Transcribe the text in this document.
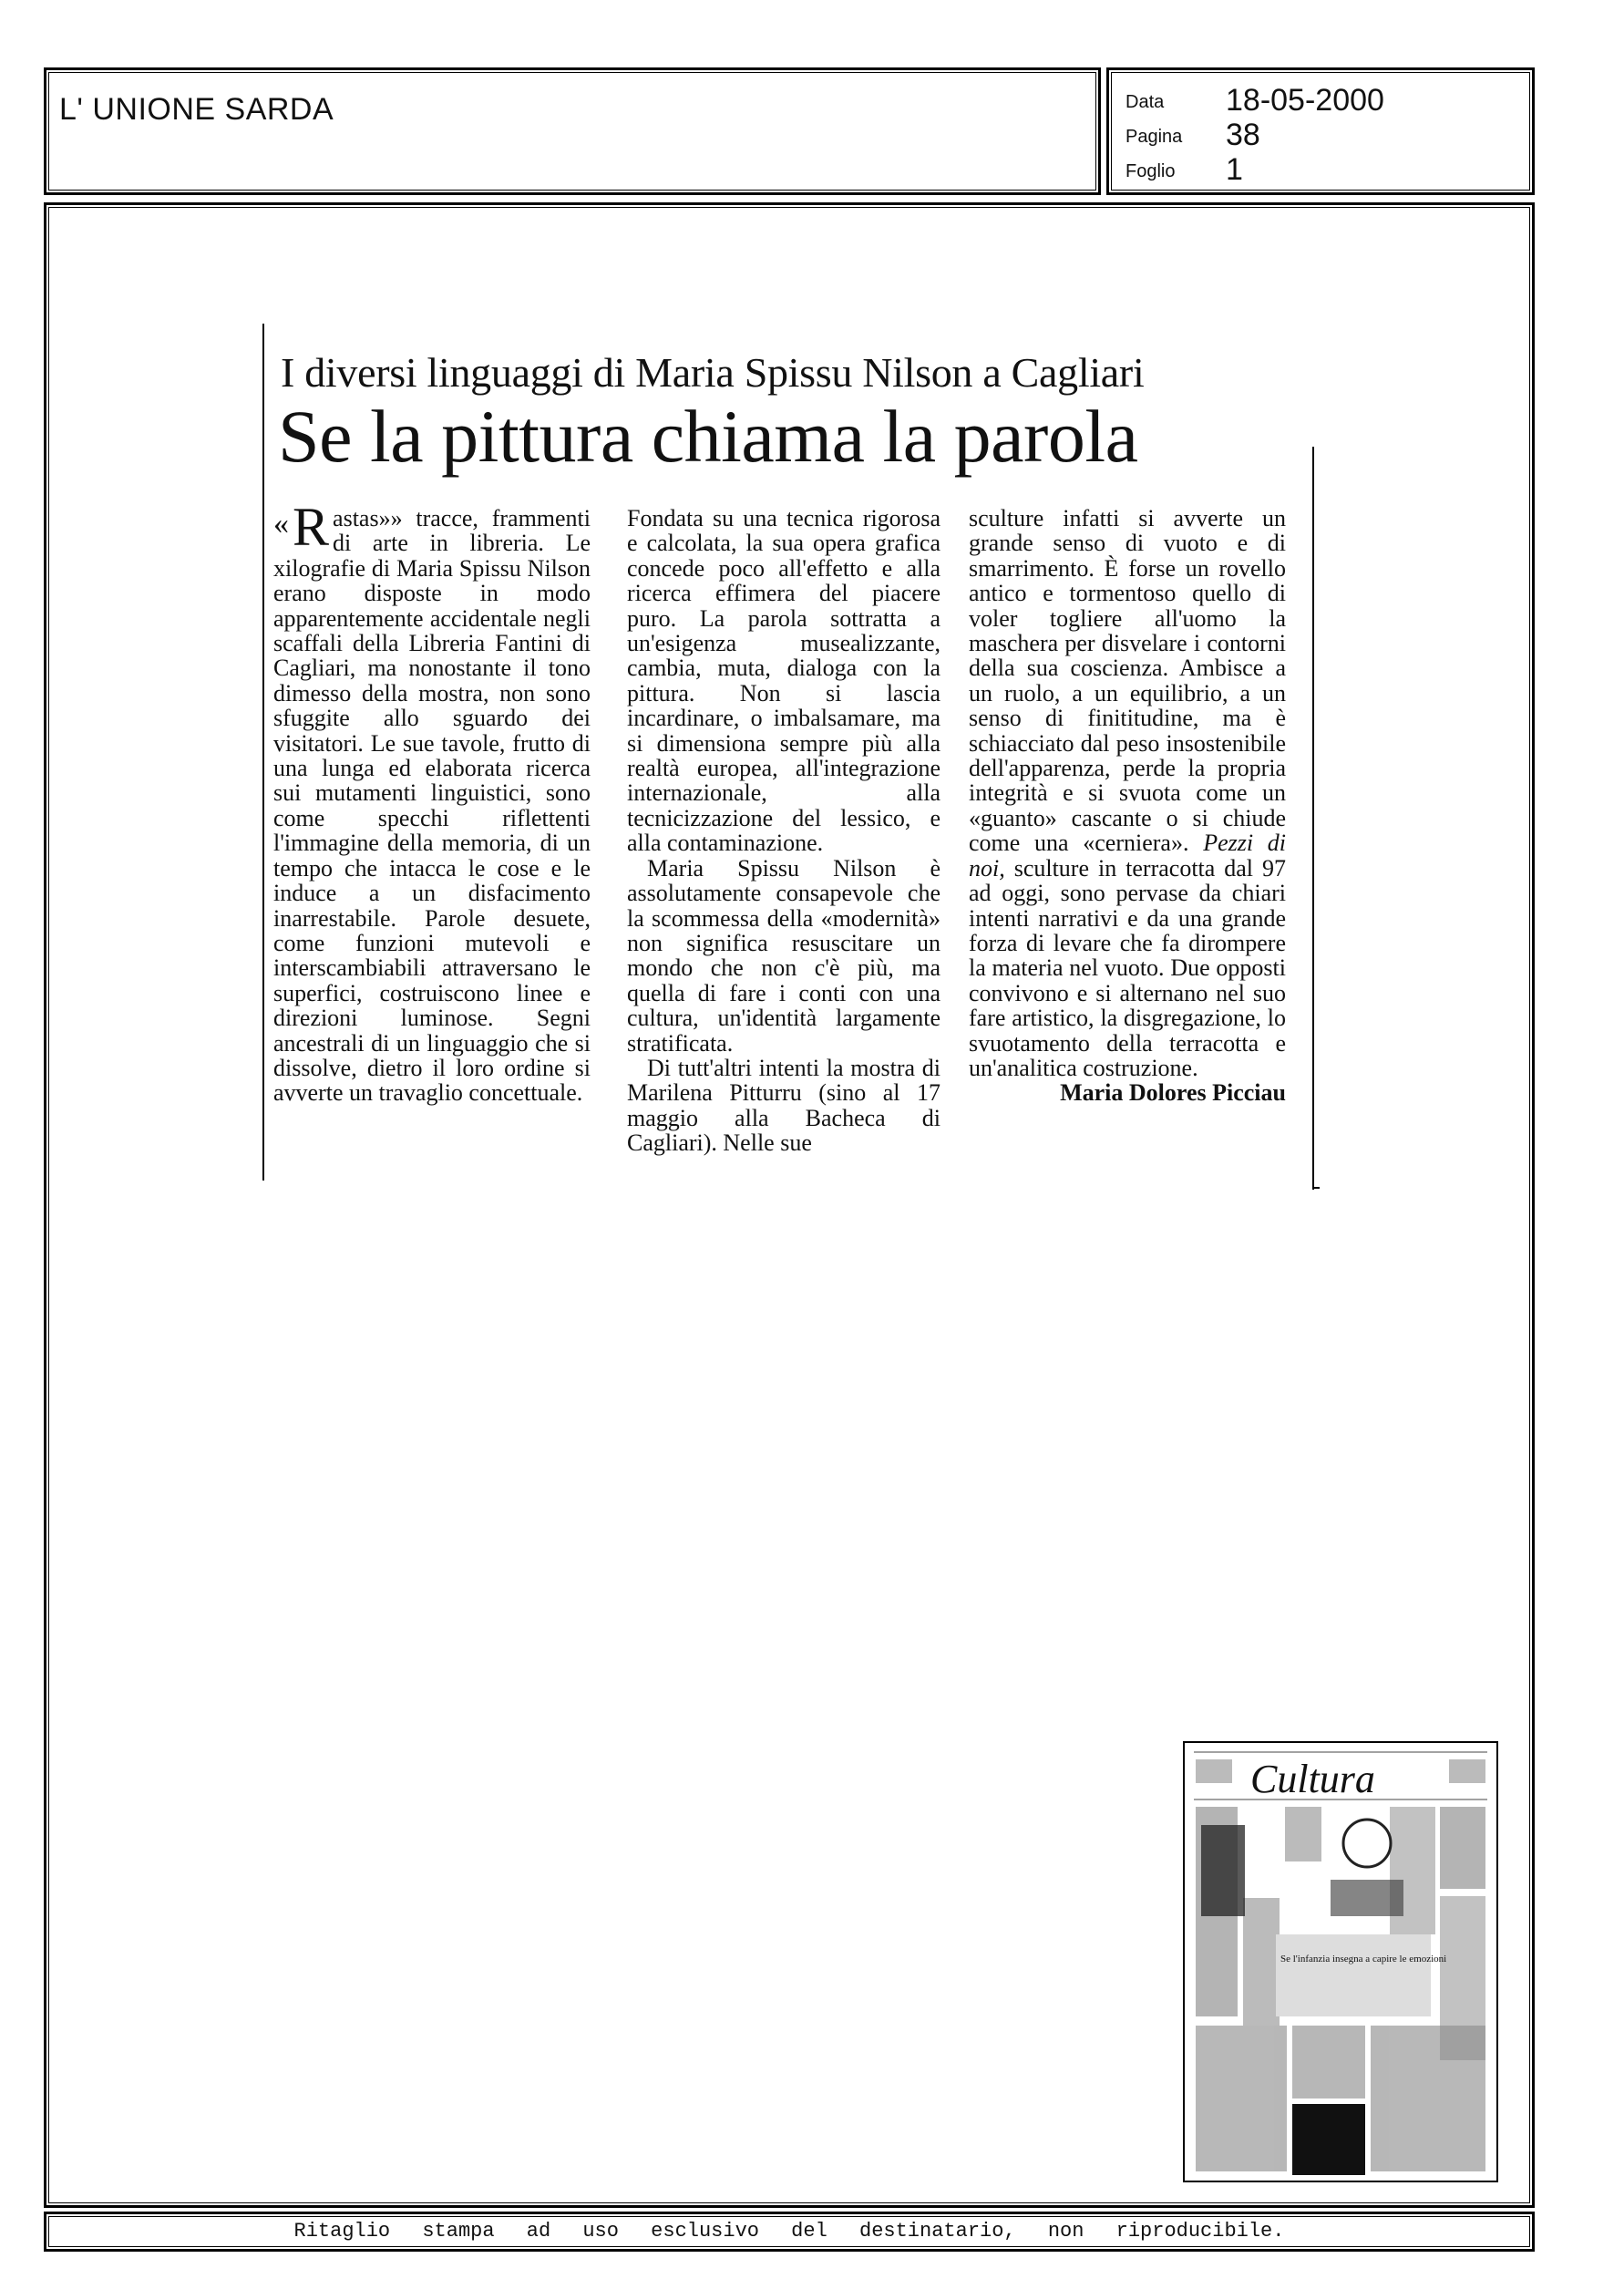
L' UNIONE SARDA	Data	18-05-2000
Pagina	38
Foglio	1
I diversi linguaggi di Maria Spissu Nilson a Cagliari
Se la pittura chiama la parola

« R astas»» tracce, frammenti di arte in libreria. Le xilografie di Maria Spissu Nilson erano disposte in modo apparentemente accidentale negli scaffali della Libreria Fantini di Cagliari, ma nonostante il tono dimesso della mostra, non sono sfuggite allo sguardo dei visitatori. Le sue tavole, frutto di una lunga ed elaborata ricerca sui mutamenti linguistici, sono come specchi riflettenti l'immagine della memoria, di un tempo che intacca le cose e le induce a un disfacimento inarrestabile. Parole desuete, come funzioni mutevoli e interscambiabili attraversano le superfici, costruiscono linee e direzioni luminose. Segni ancestrali di un linguaggio che si dissolve, dietro il loro ordine si avverte un travaglio concettuale.

Fondata su una tecnica rigorosa e calcolata, la sua opera grafica concede poco all'effetto e alla ricerca effimera del piacere puro. La parola sottratta a un'esigenza musealizzante, cambia, muta, dialoga con la pittura. Non si lascia incardinare, o imbalsamare, ma si dimensiona sempre più alla realtà europea, all'integrazione internazionale, alla tecnicizzazione del lessico, e alla contaminazione.

Maria Spissu Nilson è assolutamente consapevole che la scommessa della «modernità» non significa resuscitare un mondo che non c'è più, ma quella di fare i conti con una cultura, un'identità largamente stratificata.

Di tutt'altri intenti la mostra di Marilena Pitturru (sino al 17 maggio alla Bacheca di Cagliari). Nelle sue

sculture infatti si avverte un grande senso di vuoto e di smarrimento. È forse un rovello antico e tormentoso quello di voler togliere all'uomo la maschera per disvelare i contorni della sua coscienza. Ambisce a un ruolo, a un equilibrio, a un senso di finititudine, ma è schiacciato dal peso insostenibile dell'apparenza, perde la propria integrità e si svuota come un «guanto» cascante o si chiude come una «cerniera». Pezzi di noi, sculture in terracotta dal 97 ad oggi, sono pervase da chiari intenti narrativi e da una grande forza di levare che fa dirompere la materia nel vuoto. Due opposti convivono e si alternano nel suo fare artistico, la disgregazione, lo svuotamento della terracotta e un'analitica costruzione.

Maria Dolores Picciau

Cultura
Se l'infanzia insegna a capire le emozioni
Ritaglio stampa ad uso esclusivo del destinatario, non riproducibile.
